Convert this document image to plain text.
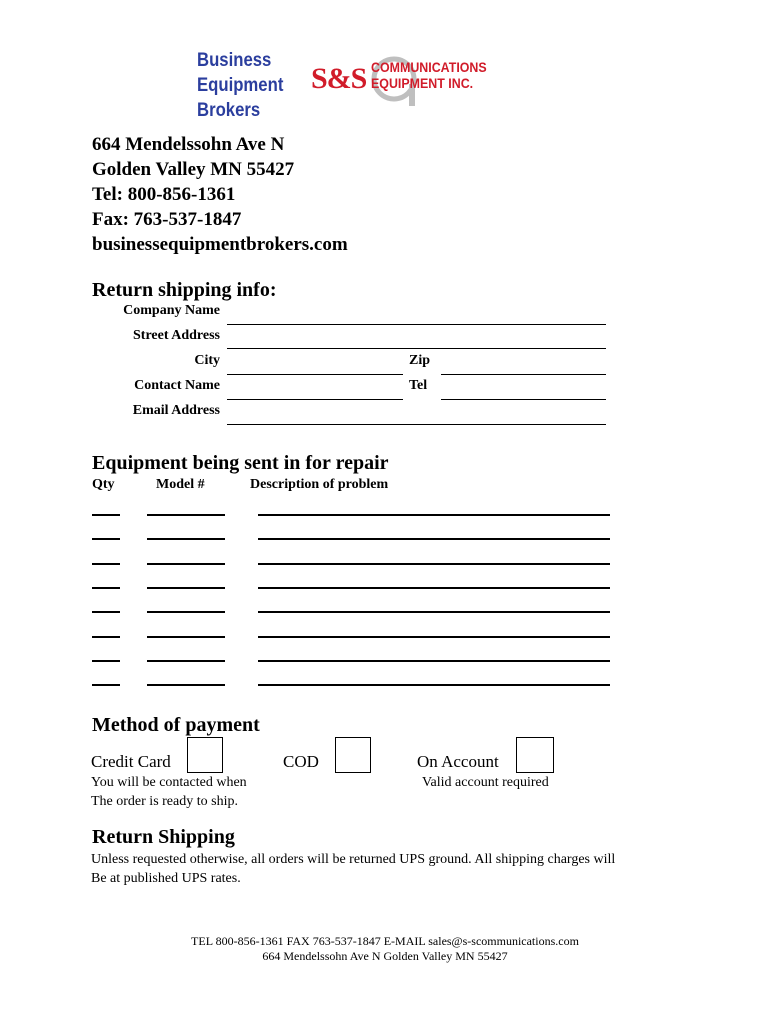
Business
Equipment
Brokers
S&S COMMUNICATIONS
EQUIPMENT INC.
664 Mendelssohn Ave N
Golden Valley MN 55427
Tel: 800-856-1361
Fax: 763-537-1847
businessequipmentbrokers.com
Return shipping info:
Company Name
Street Address
City	Zip
Contact Name	Tel
Email Address
Equipment being sent in for repair
Qty	Model #	Description of problem
Method of payment
Credit Card	COD	On Account
You will be contacted when
The order is ready to ship.
Valid account required
Return Shipping
Unless requested otherwise, all orders will be returned UPS ground. All shipping charges will
Be at published UPS rates.
TEL 800-856-1361 FAX 763-537-1847 E-MAIL sales@s-scommunications.com
664 Mendelssohn Ave N Golden Valley MN 55427
